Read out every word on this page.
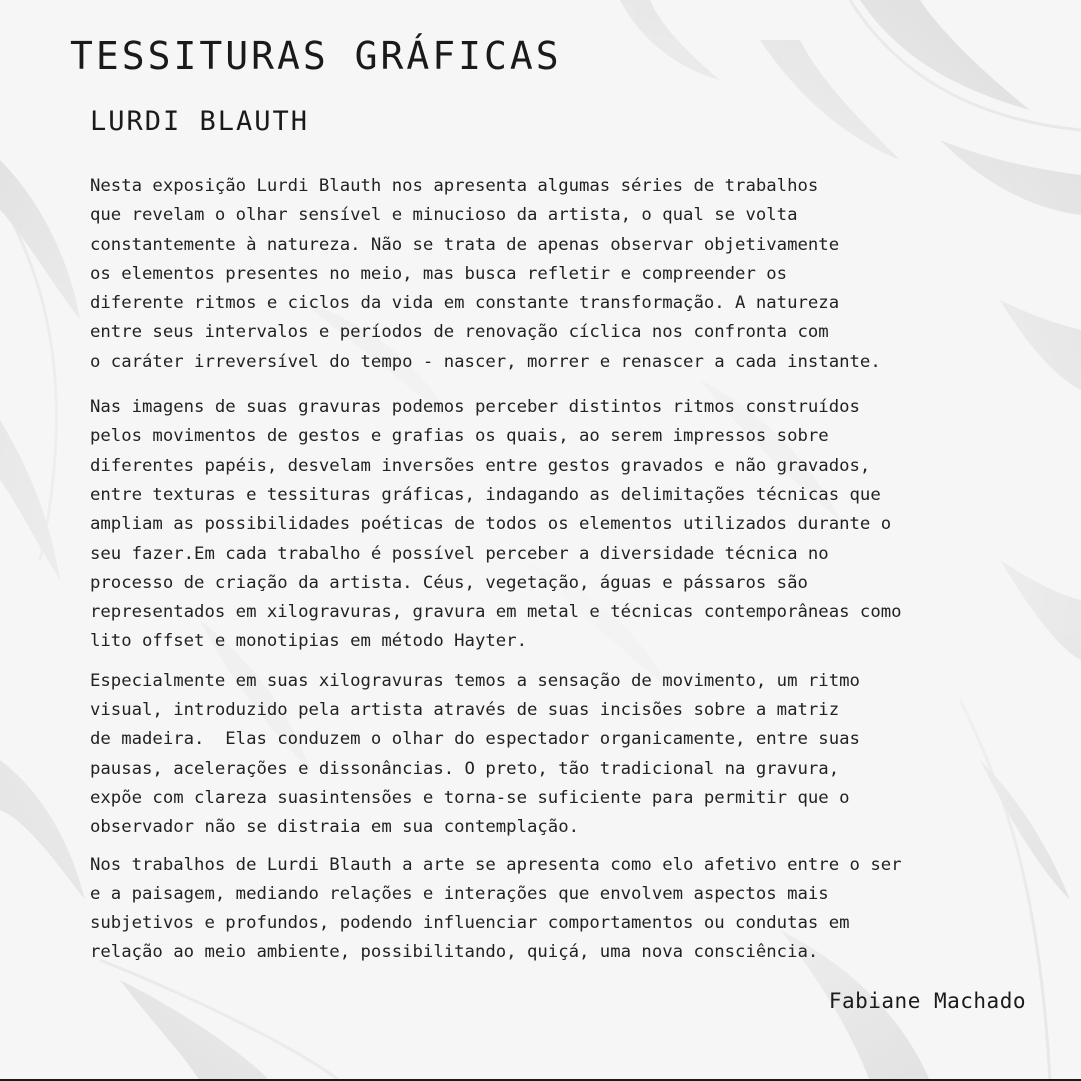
TESSITURAS GRÁFICAS
LURDI BLAUTH

Nesta exposição Lurdi Blauth nos apresenta algumas séries de trabalhos
que revelam o olhar sensível e minucioso da artista, o qual se volta
constantemente à natureza. Não se trata de apenas observar objetivamente
os elementos presentes no meio, mas busca refletir e compreender os
diferente ritmos e ciclos da vida em constante transformação. A natureza
entre seus intervalos e períodos de renovação cíclica nos confronta com
o caráter irreversível do tempo - nascer, morrer e renascer a cada instante.

Nas imagens de suas gravuras podemos perceber distintos ritmos construídos
pelos movimentos de gestos e grafias os quais, ao serem impressos sobre
diferentes papéis, desvelam inversões entre gestos gravados e não gravados,
entre texturas e tessituras gráficas, indagando as delimitações técnicas que
ampliam as possibilidades poéticas de todos os elementos utilizados durante o
seu fazer.Em cada trabalho é possível perceber a diversidade técnica no
processo de criação da artista. Céus, vegetação, águas e pássaros são
representados em xilogravuras, gravura em metal e técnicas contemporâneas como
lito offset e monotipias em método Hayter.

Especialmente em suas xilogravuras temos a sensação de movimento, um ritmo
visual, introduzido pela artista através de suas incisões sobre a matriz
de madeira.  Elas conduzem o olhar do espectador organicamente, entre suas
pausas, acelerações e dissonâncias. O preto, tão tradicional na gravura,
expõe com clareza suasintensões e torna-se suficiente para permitir que o
observador não se distraia em sua contemplação.

Nos trabalhos de Lurdi Blauth a arte se apresenta como elo afetivo entre o ser
e a paisagem, mediando relações e interações que envolvem aspectos mais
subjetivos e profundos, podendo influenciar comportamentos ou condutas em
relação ao meio ambiente, possibilitando, quiçá, uma nova consciência.

Fabiane Machado
